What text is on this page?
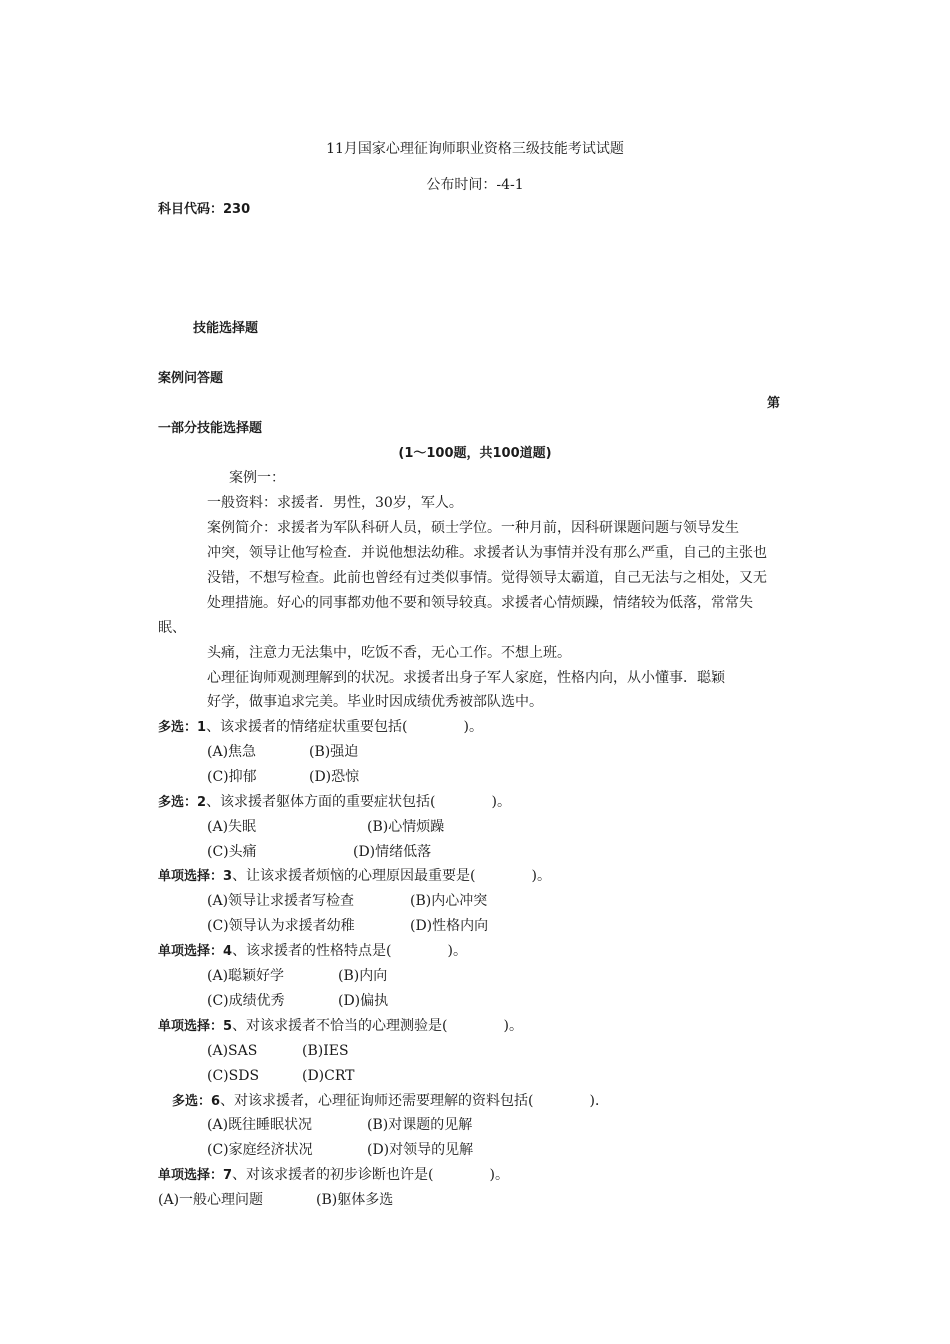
11月国家心理征询师职业资格三级技能考试试题
公布时间：-4-1
科目代码：230
技能选择题
案例问答题
第
一部分技能选择题
(1～100题，共100道题)
案例一：
一般资料：求援者．男性，30岁，军人。
案例简介：求援者为军队科研人员，硕士学位。一种月前，因科研课题问题与领导发生
冲突，领导让他写检查．并说他想法幼稚。求援者认为事情并没有那么严重，自己的主张也
没错，不想写检查。此前也曾经有过类似事情。觉得领导太霸道，自己无法与之相处，又无
处理措施。好心的同事都劝他不要和领导较真。求援者心情烦躁，情绪较为低落，常常失
眠、
头痛，注意力无法集中，吃饭不香，无心工作。不想上班。
心理征询师观测理解到的状况。求援者出身子军人家庭，性格内向，从小懂事．聪颖
好学，做事追求完美。毕业时因成绩优秀被部队选中。
多选：1、该求援者的情绪症状重要包括(　　　　)。
(A)焦急	(B)强迫
(C)抑郁	(D)恐惊
多选：2、该求援者躯体方面的重要症状包括(　　　　)。
(A)失眠	(B)心情烦躁
(C)头痛	(D)情绪低落
单项选择：3、让该求援者烦恼的心理原因最重要是(　　　　)。
(A)领导让求援者写检查	(B)内心冲突
(C)领导认为求援者幼稚	(D)性格内向
单项选择：4、该求援者的性格特点是(　　　　)。
(A)聪颖好学	(B)内向
(C)成绩优秀	(D)偏执
单项选择：5、对该求援者不恰当的心理测验是(　　　　)。
(A)SAS	(B)IES
(C)SDS	(D)CRT
多选：6、对该求援者，心理征询师还需要理解的资料包括(　　　　)．
(A)既往睡眠状况	(B)对课题的见解
(C)家庭经济状况	(D)对领导的见解
单项选择：7、对该求援者的初步诊断也许是(　　　　)。
(A)一般心理问题	(B)躯体多选
